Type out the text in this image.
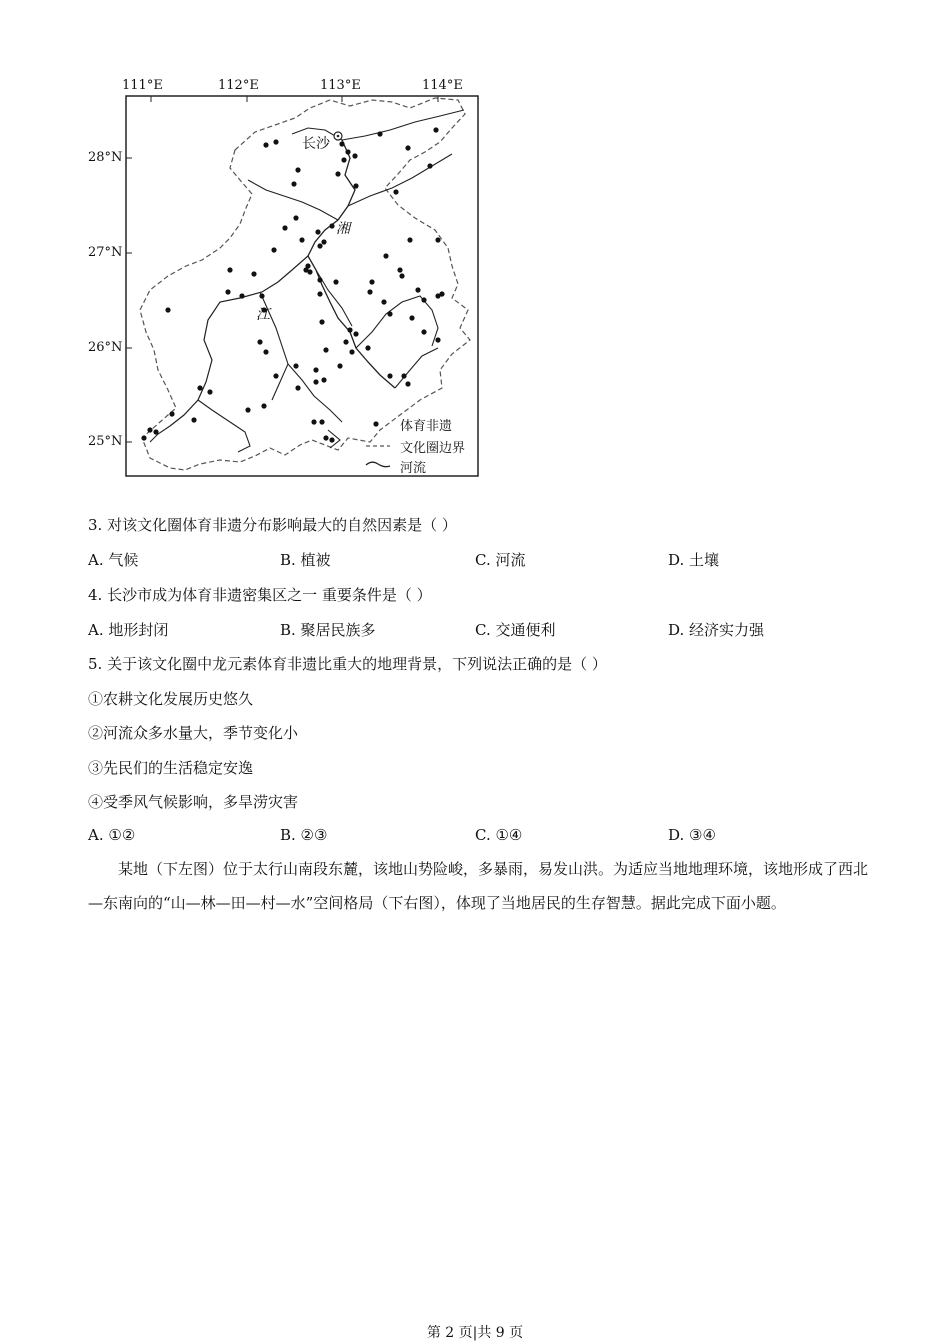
111°E	112°E	113°E	114°E
28°N
27°N
26°N
25°N
长沙
湘
江
体育非遗
文化圈边界
河流
3. 对该文化圈体育非遗分布影响最大的自然因素是（ ）
A. 气候	B. 植被	C. 河流	D. 土壤
4. 长沙市成为体育非遗密集区之一 重要条件是（ ）
A. 地形封闭	B. 聚居民族多	C. 交通便利	D. 经济实力强
5. 关于该文化圈中龙元素体育非遗比重大的地理背景，下列说法正确的是（ ）
①农耕文化发展历史悠久
②河流众多水量大，季节变化小
③先民们的生活稳定安逸
④受季风气候影响，多旱涝灾害
A. ①②	B. ②③	C. ①④	D. ③④
某地（下左图）位于太行山南段东麓，该地山势险峻，多暴雨，易发山洪。为适应当地地理环境，该地形成了西北—东南向的“山—林—田—村—水”空间格局（下右图），体现了当地居民的生存智慧。据此完成下面小题。
第 2 页|共 9 页
